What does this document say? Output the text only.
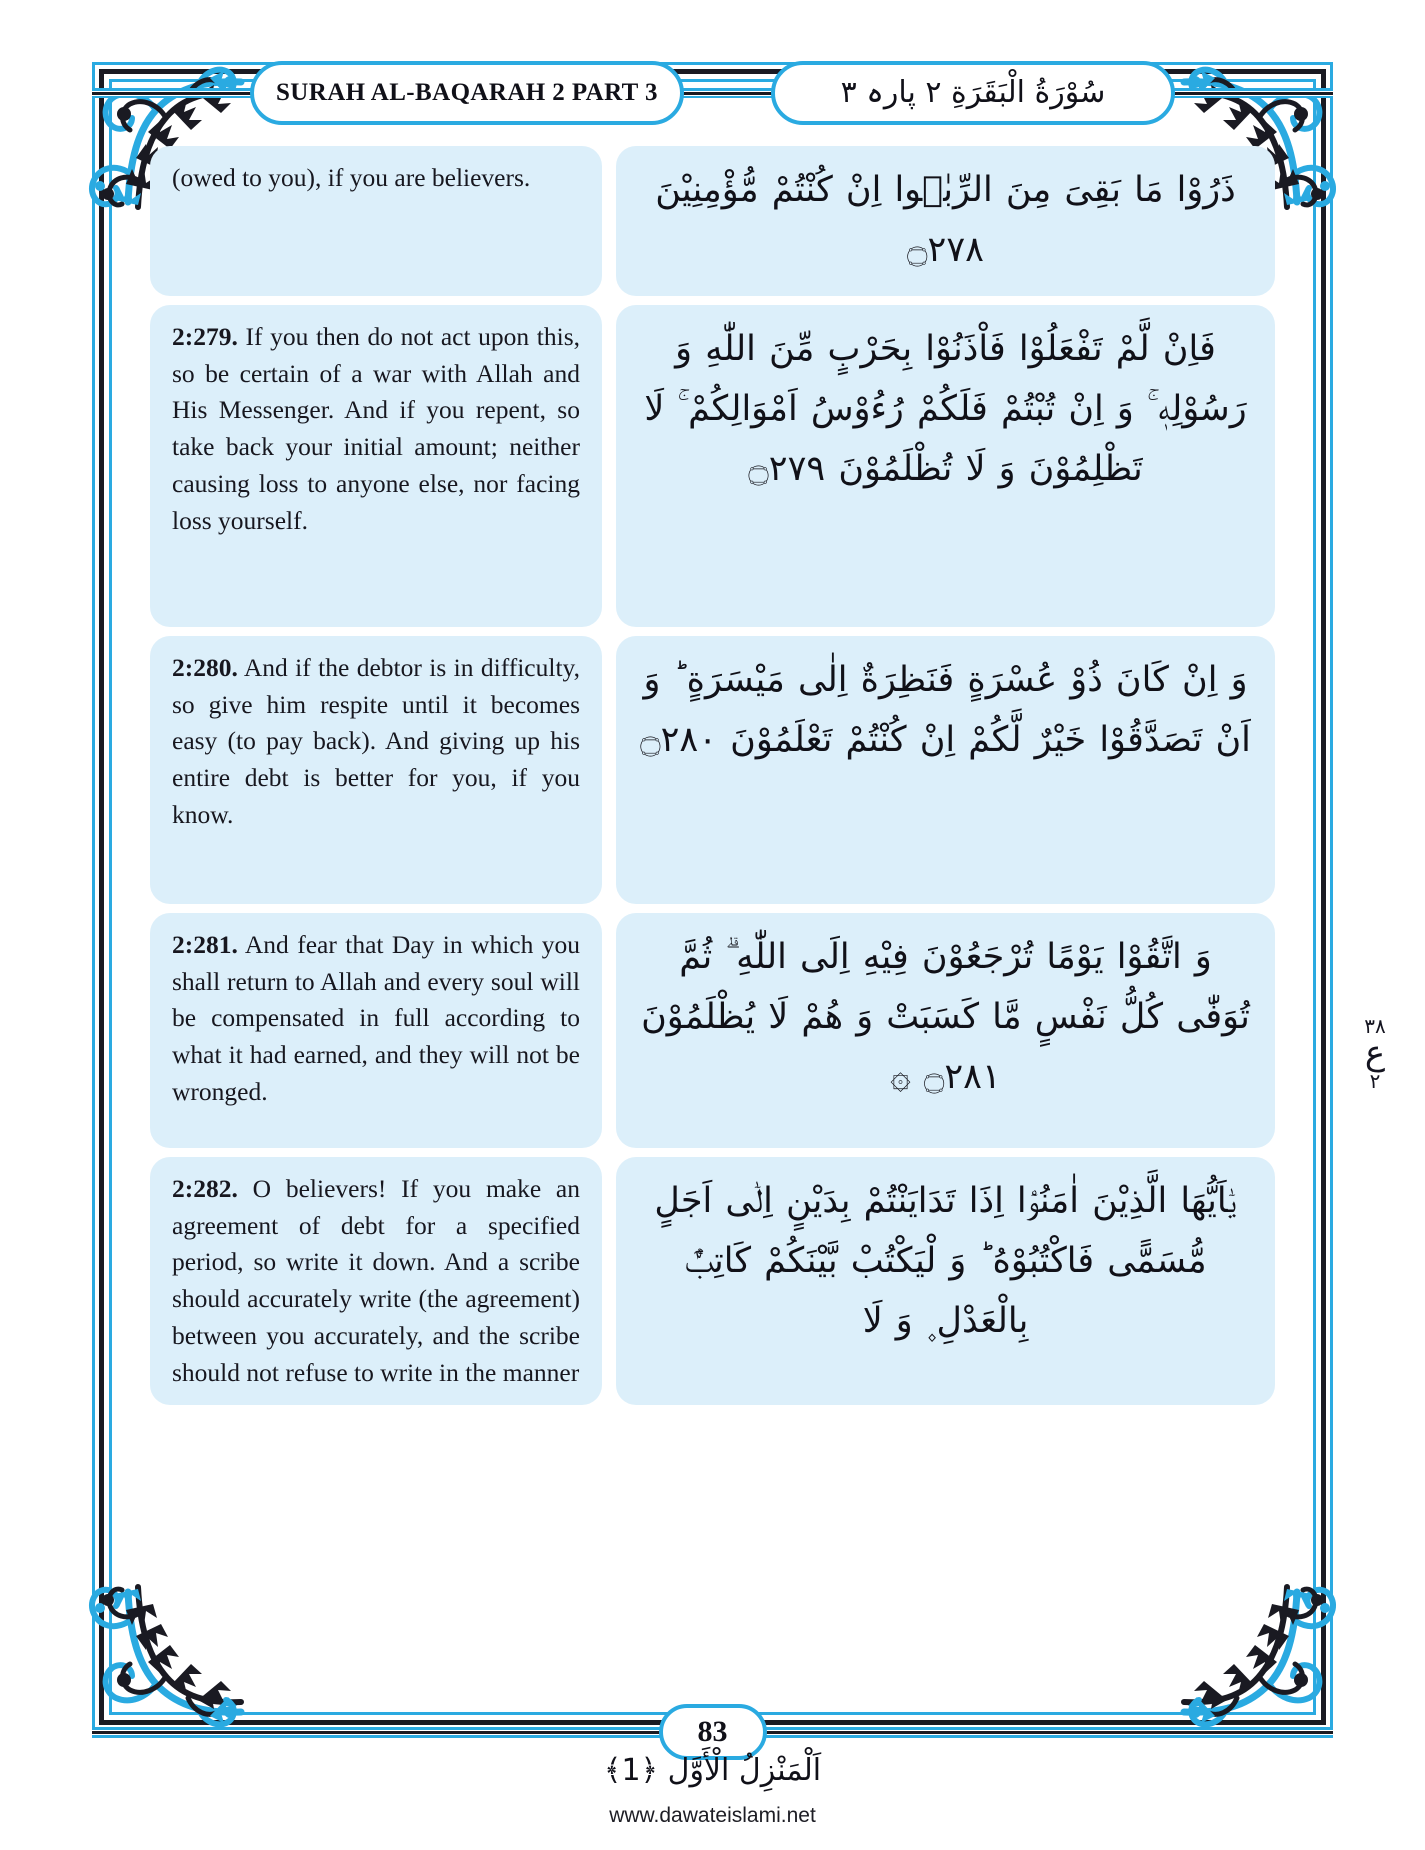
SURAH AL-BAQARAH 2 PART 3	سُوْرَةُ الْبَقَرَةِ ٢ پارہ ٣

(owed to you), if you are believers.

2:279. If you then do not act upon this, so be certain of a war with Allah and His Messenger. And if you repent, so take back your initial amount; neither causing loss to anyone else, nor facing loss yourself.

2:280. And if the debtor is in difficulty, so give him respite until it becomes easy (to pay back). And giving up his entire debt is better for you, if you know.

2:281. And fear that Day in which you shall return to Allah and every soul will be compensated in full according to what it had earned, and they will not be wronged.

2:282. O believers! If you make an agreement of debt for a specified period, so write it down. And a scribe should accurately write (the agreement) between you accurately, and the scribe should not refuse to write in the manner

ذَرُوْا مَا بَقِیَ مِنَ الرِّبٰۤوا اِنْ كُنْتُمْ مُّؤْمِنِیْنَ ۝۲۷۸

فَاِنْ لَّمْ تَفْعَلُوْا فَاْذَنُوْا بِحَرْبٍ مِّنَ اللّٰهِ وَ رَسُوْلِهٖ ۚ وَ اِنْ تُبْتُمْ فَلَكُمْ رُءُوْسُ اَمْوَالِكُمْ ۚ لَا تَظْلِمُوْنَ وَ لَا تُظْلَمُوْنَ ۝۲۷۹

وَ اِنْ كَانَ ذُوْ عُسْرَةٍ فَنَظِرَةٌ اِلٰى مَیْسَرَةٍ ؕ وَ اَنْ تَصَدَّقُوْا خَیْرٌ لَّكُمْ اِنْ كُنْتُمْ تَعْلَمُوْنَ ۝۲۸۰

وَ اتَّقُوْا یَوْمًا تُرْجَعُوْنَ فِیْهِ اِلَى اللّٰهِ ۗ ثُمَّ تُوَفّٰى كُلُّ نَفْسٍ مَّا كَسَبَتْ وَ هُمْ لَا یُظْلَمُوْنَ ۝۲۸۱ ۞

یٰۤاَیُّهَا الَّذِیْنَ اٰمَنُوْۤا اِذَا تَدَایَنْتُمْ بِدَیْنٍ اِلٰۤى اَجَلٍ مُّسَمًّى فَاكْتُبُوْهُ ؕ وَ لْیَكْتُبْ بَّیْنَكُمْ كَاتِبٌۢ بِالْعَدْلِ ۪ وَ لَا

٣٨
ع
٢
83
اَلْمَنْزِلُ الْأَوَّل ﴿1﴾
www.dawateislami.net
